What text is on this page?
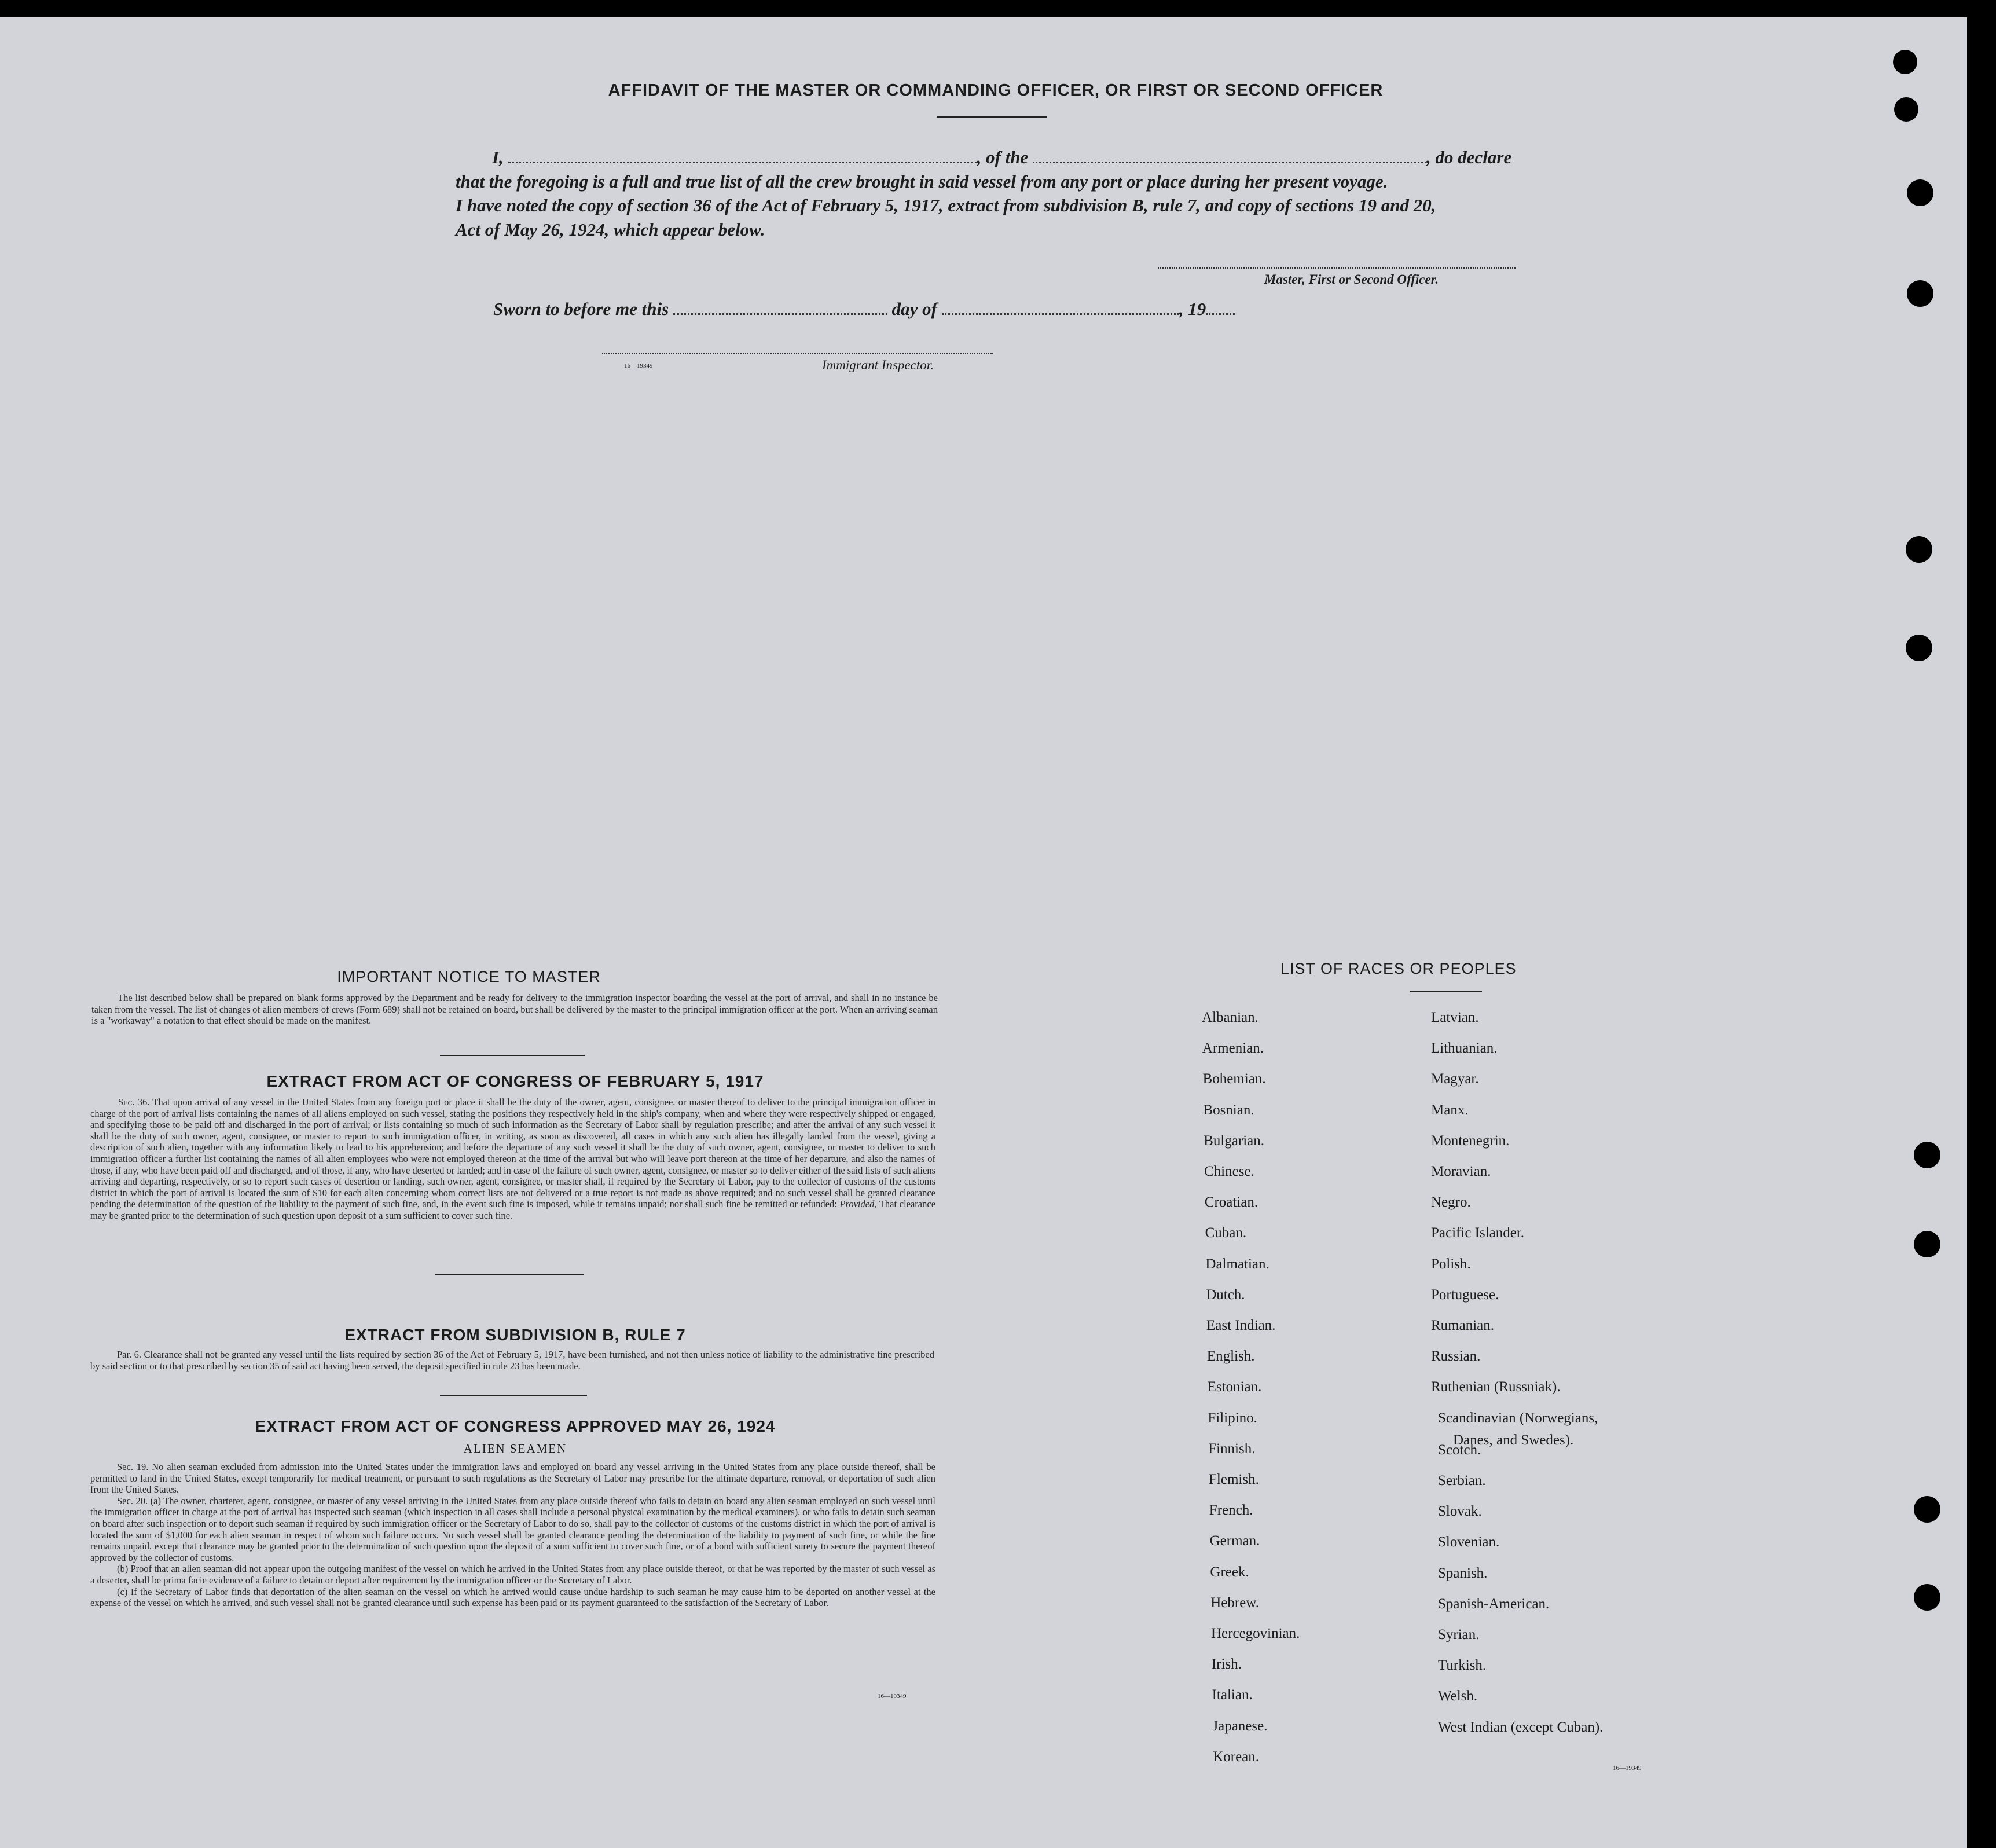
AFFIDAVIT OF THE MASTER OR COMMANDING OFFICER, OR FIRST OR SECOND OFFICER
I,	, of the	, do declare
that the foregoing is a full and true list of all the crew brought in said vessel from any port or place during her present voyage.
I have noted the copy of section 36 of the Act of February 5, 1917, extract from subdivision B, rule 7, and copy of sections 19 and 20,
Act of May 26, 1924, which appear below.
Master, First or Second Officer.
Sworn to before me this	day of	, 19
16—19349	Immigrant Inspector.
IMPORTANT NOTICE TO MASTER
The list described below shall be prepared on blank forms approved by the Department and be ready for delivery to the immigration inspector boarding the vessel at the port of arrival, and shall in no instance be taken from the vessel. The list of changes of alien members of crews (Form 689) shall not be retained on board, but shall be delivered by the master to the principal immigration officer at the port. When an arriving seaman is a "workaway" a notation to that effect should be made on the manifest.
EXTRACT FROM ACT OF CONGRESS OF FEBRUARY 5, 1917
Sec. 36. That upon arrival of any vessel in the United States from any foreign port or place it shall be the duty of the owner, agent, consignee, or master thereof to deliver to the principal immigration officer in charge of the port of arrival lists containing the names of all aliens employed on such vessel, stating the positions they respectively held in the ship's company, when and where they were respectively shipped or engaged, and specifying those to be paid off and discharged in the port of arrival; or lists containing so much of such information as the Secretary of Labor shall by regulation prescribe; and after the arrival of any such vessel it shall be the duty of such owner, agent, consignee, or master to report to such immigration officer, in writing, as soon as discovered, all cases in which any such alien has illegally landed from the vessel, giving a description of such alien, together with any information likely to lead to his apprehension; and before the departure of any such vessel it shall be the duty of such owner, agent, consignee, or master to deliver to such immigration officer a further list containing the names of all alien employees who were not employed thereon at the time of the arrival but who will leave port thereon at the time of her departure, and also the names of those, if any, who have been paid off and discharged, and of those, if any, who have deserted or landed; and in case of the failure of such owner, agent, consignee, or master so to deliver either of the said lists of such aliens arriving and departing, respectively, or so to report such cases of desertion or landing, such owner, agent, consignee, or master shall, if required by the Secretary of Labor, pay to the collector of customs of the customs district in which the port of arrival is located the sum of $10 for each alien concerning whom correct lists are not delivered or a true report is not made as above required; and no such vessel shall be granted clearance pending the determination of the question of the liability to the payment of such fine, and, in the event such fine is imposed, while it remains unpaid; nor shall such fine be remitted or refunded: Provided, That clearance may be granted prior to the determination of such question upon deposit of a sum sufficient to cover such fine.
EXTRACT FROM SUBDIVISION B, RULE 7
Par. 6. Clearance shall not be granted any vessel until the lists required by section 36 of the Act of February 5, 1917, have been furnished, and not then unless notice of liability to the administrative fine prescribed by said section or to that prescribed by section 35 of said act having been served, the deposit specified in rule 23 has been made.
EXTRACT FROM ACT OF CONGRESS APPROVED MAY 26, 1924
ALIEN SEAMEN
Sec. 19. No alien seaman excluded from admission into the United States under the immigration laws and employed on board any vessel arriving in the United States from any place outside thereof, shall be permitted to land in the United States, except temporarily for medical treatment, or pursuant to such regulations as the Secretary of Labor may prescribe for the ultimate departure, removal, or deportation of such alien from the United States.
Sec. 20. (a) The owner, charterer, agent, consignee, or master of any vessel arriving in the United States from any place outside thereof who fails to detain on board any alien seaman employed on such vessel until the immigration officer in charge at the port of arrival has inspected such seaman (which inspection in all cases shall include a personal physical examination by the medical examiners), or who fails to detain such seaman on board after such inspection or to deport such seaman if required by such immigration officer or the Secretary of Labor to do so, shall pay to the collector of customs of the customs district in which the port of arrival is located the sum of $1,000 for each alien seaman in respect of whom such failure occurs. No such vessel shall be granted clearance pending the determination of the liability to payment of such fine, or while the fine remains unpaid, except that clearance may be granted prior to the determination of such question upon the deposit of a sum sufficient to cover such fine, or of a bond with sufficient surety to secure the payment thereof approved by the collector of customs.
(b) Proof that an alien seaman did not appear upon the outgoing manifest of the vessel on which he arrived in the United States from any place outside thereof, or that he was reported by the master of such vessel as a deserter, shall be prima facie evidence of a failure to detain or deport after requirement by the immigration officer or the Secretary of Labor.
(c) If the Secretary of Labor finds that deportation of the alien seaman on the vessel on which he arrived would cause undue hardship to such seaman he may cause him to be deported on another vessel at the expense of the vessel on which he arrived, and such vessel shall not be granted clearance until such expense has been paid or its payment guaranteed to the satisfaction of the Secretary of Labor.
16—19349
LIST OF RACES OR PEOPLES
Albanian.
Armenian.
Bohemian.
Bosnian.
Bulgarian.
Chinese.
Croatian.
Cuban.
Dalmatian.
Dutch.
East Indian.
English.
Estonian.
Filipino.
Finnish.
Flemish.
French.
German.
Greek.
Hebrew.
Hercegovinian.
Irish.
Italian.
Japanese.
Korean.
Latvian.
Lithuanian.
Magyar.
Manx.
Montenegrin.
Moravian.
Negro.
Pacific Islander.
Polish.
Portuguese.
Rumanian.
Russian.
Ruthenian (Russniak).
Scandinavian (Norwegians,
Scotch.
Serbian.
Slovak.
Slovenian.
Spanish.
Spanish-American.
Syrian.
Turkish.
Welsh.
West Indian (except Cuban).
Danes, and Swedes).
16—19349
